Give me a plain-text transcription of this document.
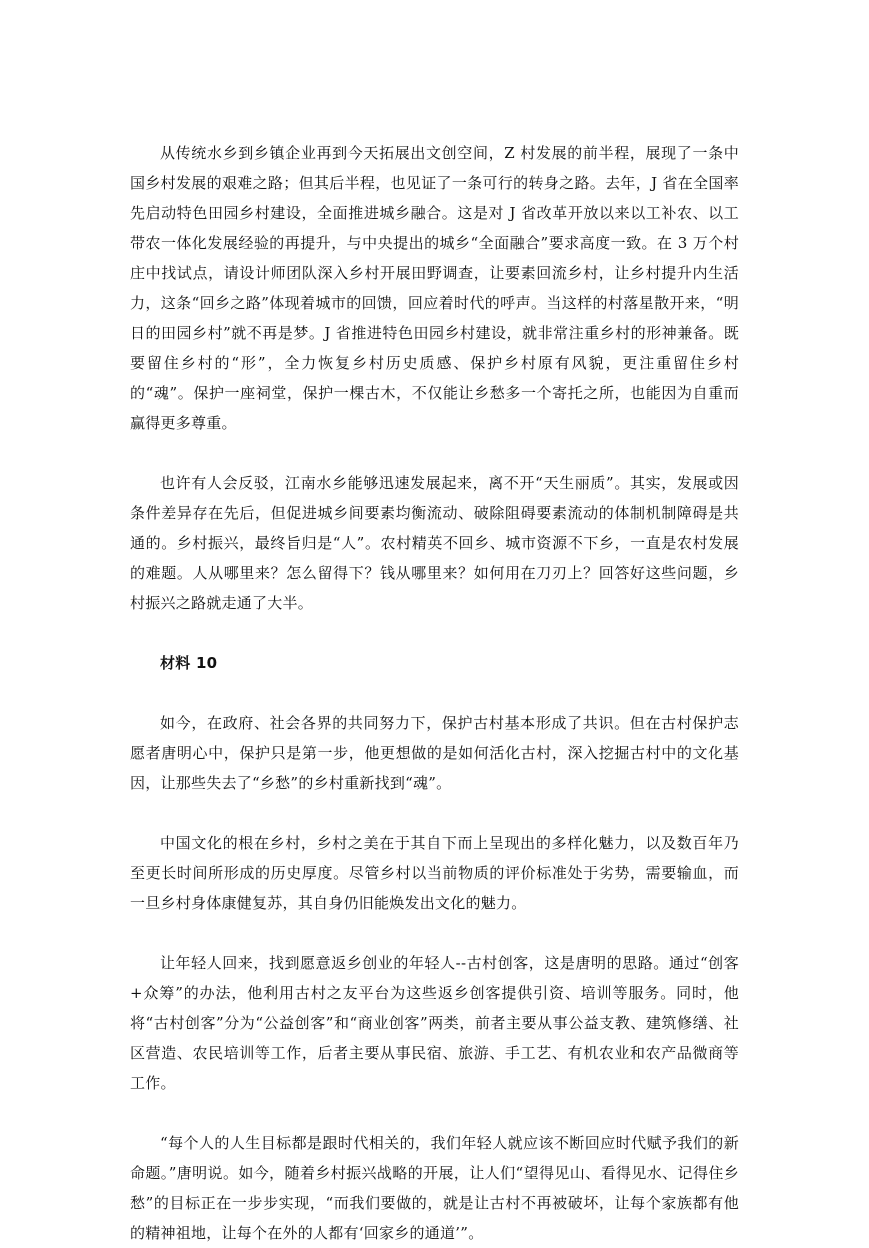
从传统水乡到乡镇企业再到今天拓展出文创空间，Z 村发展的前半程，展现了一条中国乡村发展的艰难之路；但其后半程，也见证了一条可行的转身之路。去年，J 省在全国率先启动特色田园乡村建设，全面推进城乡融合。这是对 J 省改革开放以来以工补农、以工带农一体化发展经验的再提升，与中央提出的城乡“全面融合”要求高度一致。在 3 万个村庄中找试点，请设计师团队深入乡村开展田野调查，让要素回流乡村，让乡村提升内生活力，这条“回乡之路”体现着城市的回馈，回应着时代的呼声。当这样的村落星散开来，“明日的田园乡村”就不再是梦。J 省推进特色田园乡村建设，就非常注重乡村的形神兼备。既要留住乡村的“形”，全力恢复乡村历史质感、保护乡村原有风貌，更注重留住乡村的“魂”。保护一座祠堂，保护一棵古木，不仅能让乡愁多一个寄托之所，也能因为自重而赢得更多尊重。

也许有人会反驳，江南水乡能够迅速发展起来，离不开“天生丽质”。其实，发展或因条件差异存在先后，但促进城乡间要素均衡流动、破除阻碍要素流动的体制机制障碍是共通的。乡村振兴，最终旨归是“人”。农村精英不回乡、城市资源不下乡，一直是农村发展的难题。人从哪里来？怎么留得下？钱从哪里来？如何用在刀刃上？回答好这些问题，乡村振兴之路就走通了大半。

材料 10

如今，在政府、社会各界的共同努力下，保护古村基本形成了共识。但在古村保护志愿者唐明心中，保护只是第一步，他更想做的是如何活化古村，深入挖掘古村中的文化基因，让那些失去了“乡愁”的乡村重新找到“魂”。

中国文化的根在乡村，乡村之美在于其自下而上呈现出的多样化魅力，以及数百年乃至更长时间所形成的历史厚度。尽管乡村以当前物质的评价标准处于劣势，需要输血，而一旦乡村身体康健复苏，其自身仍旧能焕发出文化的魅力。

让年轻人回来，找到愿意返乡创业的年轻人--古村创客，这是唐明的思路。通过“创客+众筹”的办法，他利用古村之友平台为这些返乡创客提供引资、培训等服务。同时，他将“古村创客”分为“公益创客”和“商业创客”两类，前者主要从事公益支教、建筑修缮、社区营造、农民培训等工作，后者主要从事民宿、旅游、手工艺、有机农业和农产品微商等工作。

“每个人的人生目标都是跟时代相关的，我们年轻人就应该不断回应时代赋予我们的新命题。”唐明说。如今，随着乡村振兴战略的开展，让人们“望得见山、看得见水、记得住乡愁”的目标正在一步步实现，“而我们要做的，就是让古村不再被破坏，让每个家族都有他的精神祖地，让每个在外的人都有‘回家乡的通道’”。
